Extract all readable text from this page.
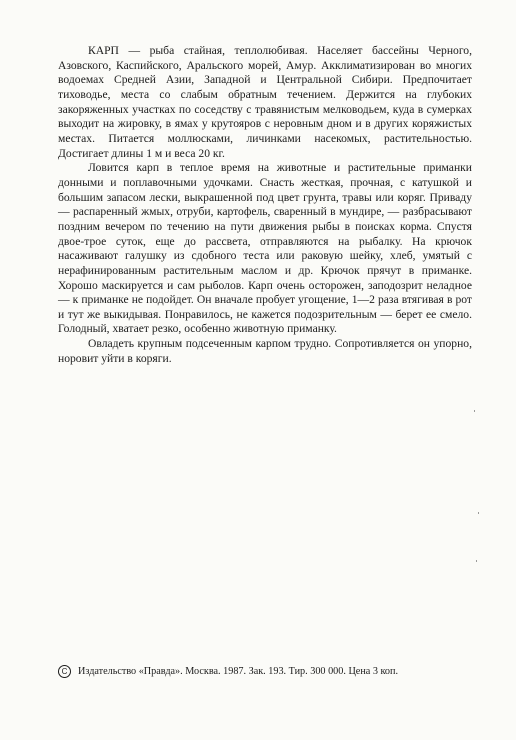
КАРП — рыба стайная, теплолюбивая. Населяет бассейны Черного, Азовского, Каспийского, Аральского морей, Амур. Акклиматизирован во многих водоемах Средней Азии, Западной и Центральной Сибири. Предпочитает тиховодье, места со слабым обратным течением. Держится на глубоких закоряженных участках по соседству с травянистым мелководьем, куда в сумерках выходит на жировку, в ямах у крутояров с неровным дном и в других коряжистых местах. Питается моллюсками, личинками насекомых, растительностью. Достигает длины 1 м и веса 20 кг.

Ловится карп в теплое время на животные и растительные приманки донными и поплавочными удочками. Снасть жесткая, прочная, с катушкой и большим запасом лески, выкрашенной под цвет грунта, травы или коряг. Приваду — распаренный жмых, отруби, картофель, сваренный в мундире, — разбрасывают поздним вечером по течению на пути движения рыбы в поисках корма. Спустя двое-трое суток, еще до рассвета, отправляются на рыбалку. На крючок насаживают галушку из сдобного теста или раковую шейку, хлеб, умятый с нерафинированным растительным маслом и др. Крючок прячут в приманке. Хорошо маскируется и сам рыболов. Карп очень осторожен, заподозрит неладное — к приманке не подойдет. Он вначале пробует угощение, 1—2 раза втягивая в рот и тут же выкидывая. Понравилось, не кажется подозрительным — берет ее смело. Голодный, хватает резко, особенно животную приманку.

Овладеть крупным подсеченным карпом трудно. Сопротивляется он упорно, норовит уйти в коряги.

С	Издательство «Правда». Москва. 1987. Зак. 193. Тир. 300 000. Цена 3 коп.
